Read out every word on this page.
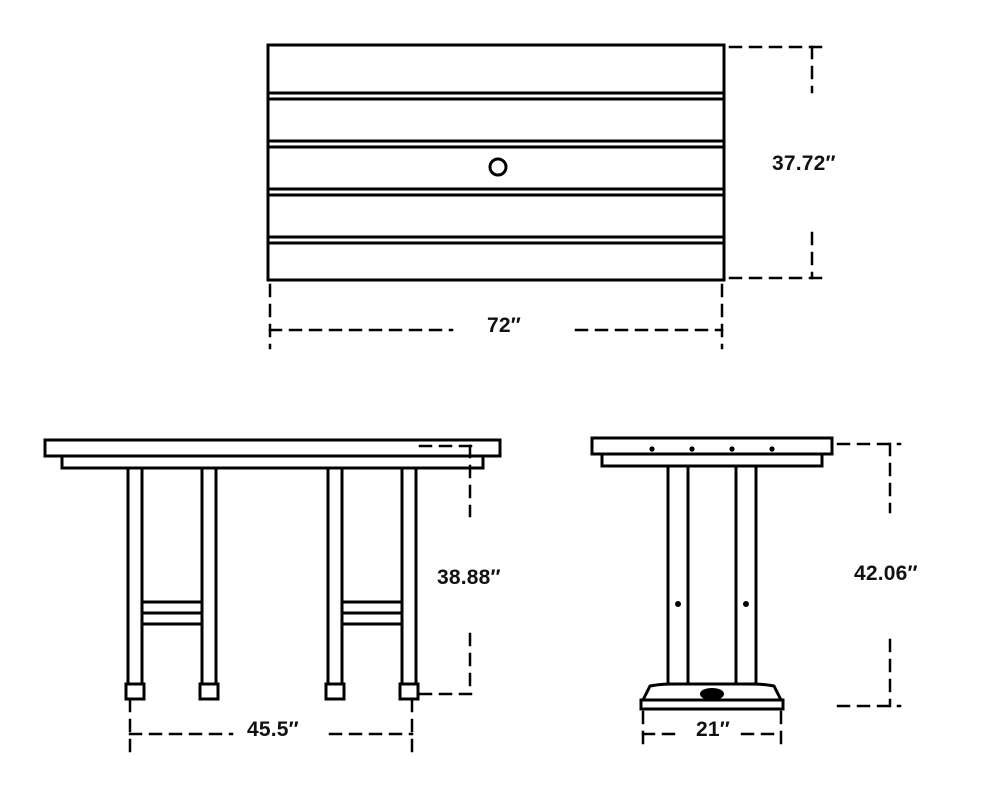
72″
37.72″
38.88″
45.5″
42.06″
21″
